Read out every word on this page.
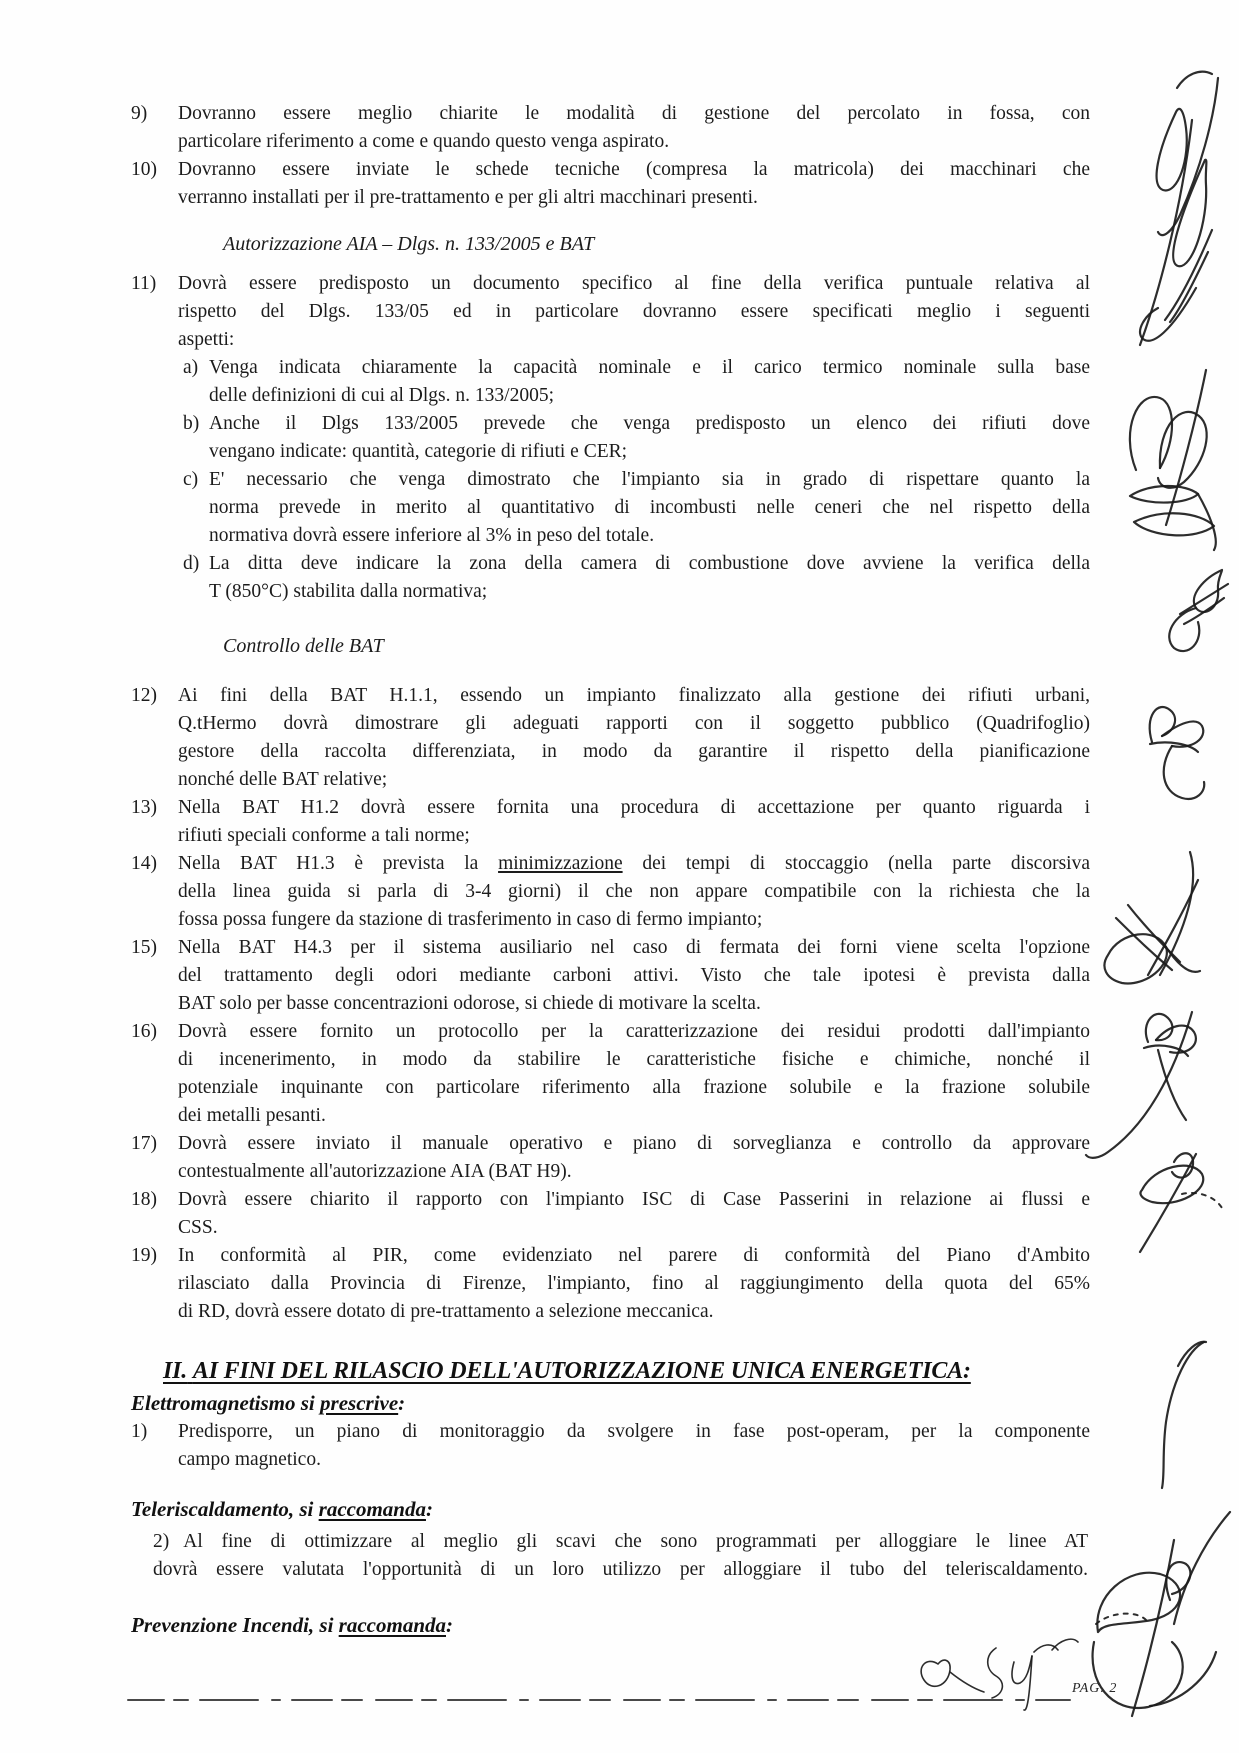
9)	Dovranno essere meglio chiarite le modalità di gestione del percolato in fossa, con
particolare riferimento a come e quando questo venga aspirato.
10)	Dovranno essere inviate le schede tecniche (compresa la matricola) dei macchinari che
verranno installati per il pre-trattamento e per gli altri macchinari presenti.
Autorizzazione AIA – Dlgs. n. 133/2005 e BAT
11)	Dovrà essere predisposto un documento specifico al fine della verifica puntuale relativa al
rispetto del Dlgs. 133/05 ed in particolare dovranno essere specificati meglio i seguenti
aspetti:
a) Venga indicata chiaramente la capacità nominale e il carico termico nominale sulla base
delle definizioni di cui al Dlgs. n. 133/2005;
b) Anche il Dlgs 133/2005 prevede che venga predisposto un elenco dei rifiuti dove
vengano indicate: quantità, categorie di rifiuti e CER;
c) E' necessario che venga dimostrato che l'impianto sia in grado di rispettare quanto la
norma prevede in merito al quantitativo di incombusti nelle ceneri che nel rispetto della
normativa dovrà essere inferiore al 3% in peso del totale.
d) La ditta deve indicare la zona della camera di combustione dove avviene la verifica della
T (850°C) stabilita dalla normativa;
Controllo delle BAT
12)	Ai fini della BAT H.1.1, essendo un impianto finalizzato alla gestione dei rifiuti urbani,
Q.tHermo dovrà dimostrare gli adeguati rapporti con il soggetto pubblico (Quadrifoglio)
gestore della raccolta differenziata, in modo da garantire il rispetto della pianificazione
nonché delle BAT relative;
13)	Nella BAT H1.2 dovrà essere fornita una procedura di accettazione per quanto riguarda i
rifiuti speciali conforme a tali norme;
14)	Nella BAT H1.3 è prevista la minimizzazione dei tempi di stoccaggio (nella parte discorsiva
della linea guida si parla di 3-4 giorni) il che non appare compatibile con la richiesta che la
fossa possa fungere da stazione di trasferimento in caso di fermo impianto;
15)	Nella BAT H4.3 per il sistema ausiliario nel caso di fermata dei forni viene scelta l'opzione
del trattamento degli odori mediante carboni attivi. Visto che tale ipotesi è prevista dalla
BAT solo per basse concentrazioni odorose, si chiede di motivare la scelta.
16)	Dovrà essere fornito un protocollo per la caratterizzazione dei residui prodotti dall'impianto
di incenerimento, in modo da stabilire le caratteristiche fisiche e chimiche, nonché il
potenziale inquinante con particolare riferimento alla frazione solubile e la frazione solubile
dei metalli pesanti.
17)	Dovrà essere inviato il manuale operativo e piano di sorveglianza e controllo da approvare
contestualmente all'autorizzazione AIA (BAT H9).
18)	Dovrà essere chiarito il rapporto con l'impianto ISC di Case Passerini in relazione ai flussi e
CSS.
19)	In conformità al PIR, come evidenziato nel parere di conformità del Piano d'Ambito
rilasciato dalla Provincia di Firenze, l'impianto, fino al raggiungimento della quota del 65%
di RD, dovrà essere dotato di pre-trattamento a selezione meccanica.
II. AI FINI DEL RILASCIO DELL'AUTORIZZAZIONE UNICA ENERGETICA:
Elettromagnetismo si prescrive:
1)	Predisporre, un piano di monitoraggio da svolgere in fase post-operam, per la componente
campo magnetico.
Teleriscaldamento, si raccomanda:
2) Al fine di ottimizzare al meglio gli scavi che sono programmati per alloggiare le linee AT
dovrà essere valutata l'opportunità di un loro utilizzo per alloggiare il tubo del teleriscaldamento.
Prevenzione Incendi, si raccomanda:
PAG. 2
